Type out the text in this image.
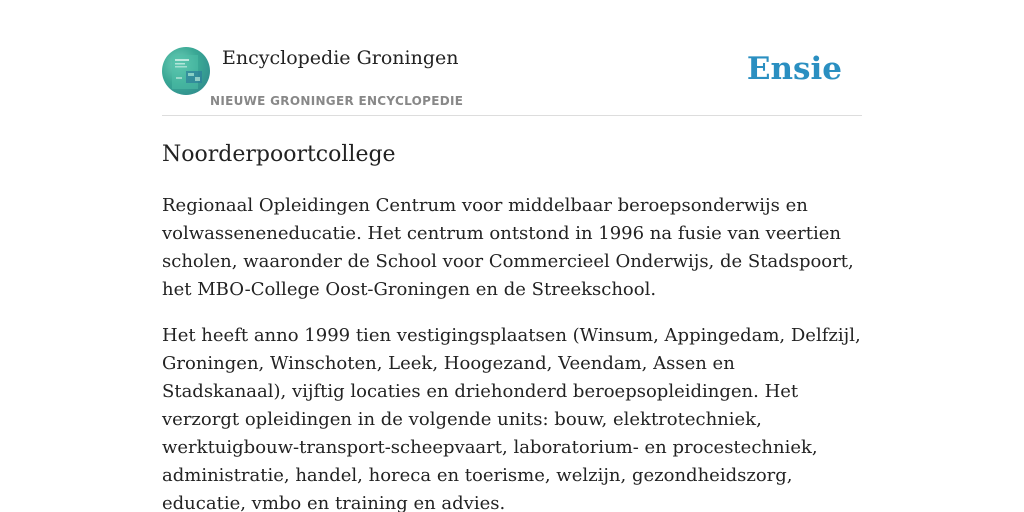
Encyclopedie Groningen
NIEUWE GRONINGER ENCYCLOPEDIE
Ensie
Noorderpoortcollege

Regionaal Opleidingen Centrum voor middelbaar beroepsonderwijs en volwasseneneducatie. Het centrum ontstond in 1996 na fusie van veertien scholen, waaronder de School voor Commercieel Onderwijs, de Stadspoort, het MBO-College Oost-Groningen en de Streekschool.

Het heeft anno 1999 tien vestigingsplaatsen (Winsum, Appingedam, Delfzijl, Groningen, Winschoten, Leek, Hoogezand, Veendam, Assen en Stadskanaal), vijftig locaties en driehonderd beroepsopleidingen. Het verzorgt opleidingen in de volgende units: bouw, elektrotechniek, werktuigbouw-transport-scheepvaart, laboratorium- en procestechniek, administratie, handel, horeca en toerisme, welzijn, gezondheidszorg, educatie, vmbo en training en advies.
